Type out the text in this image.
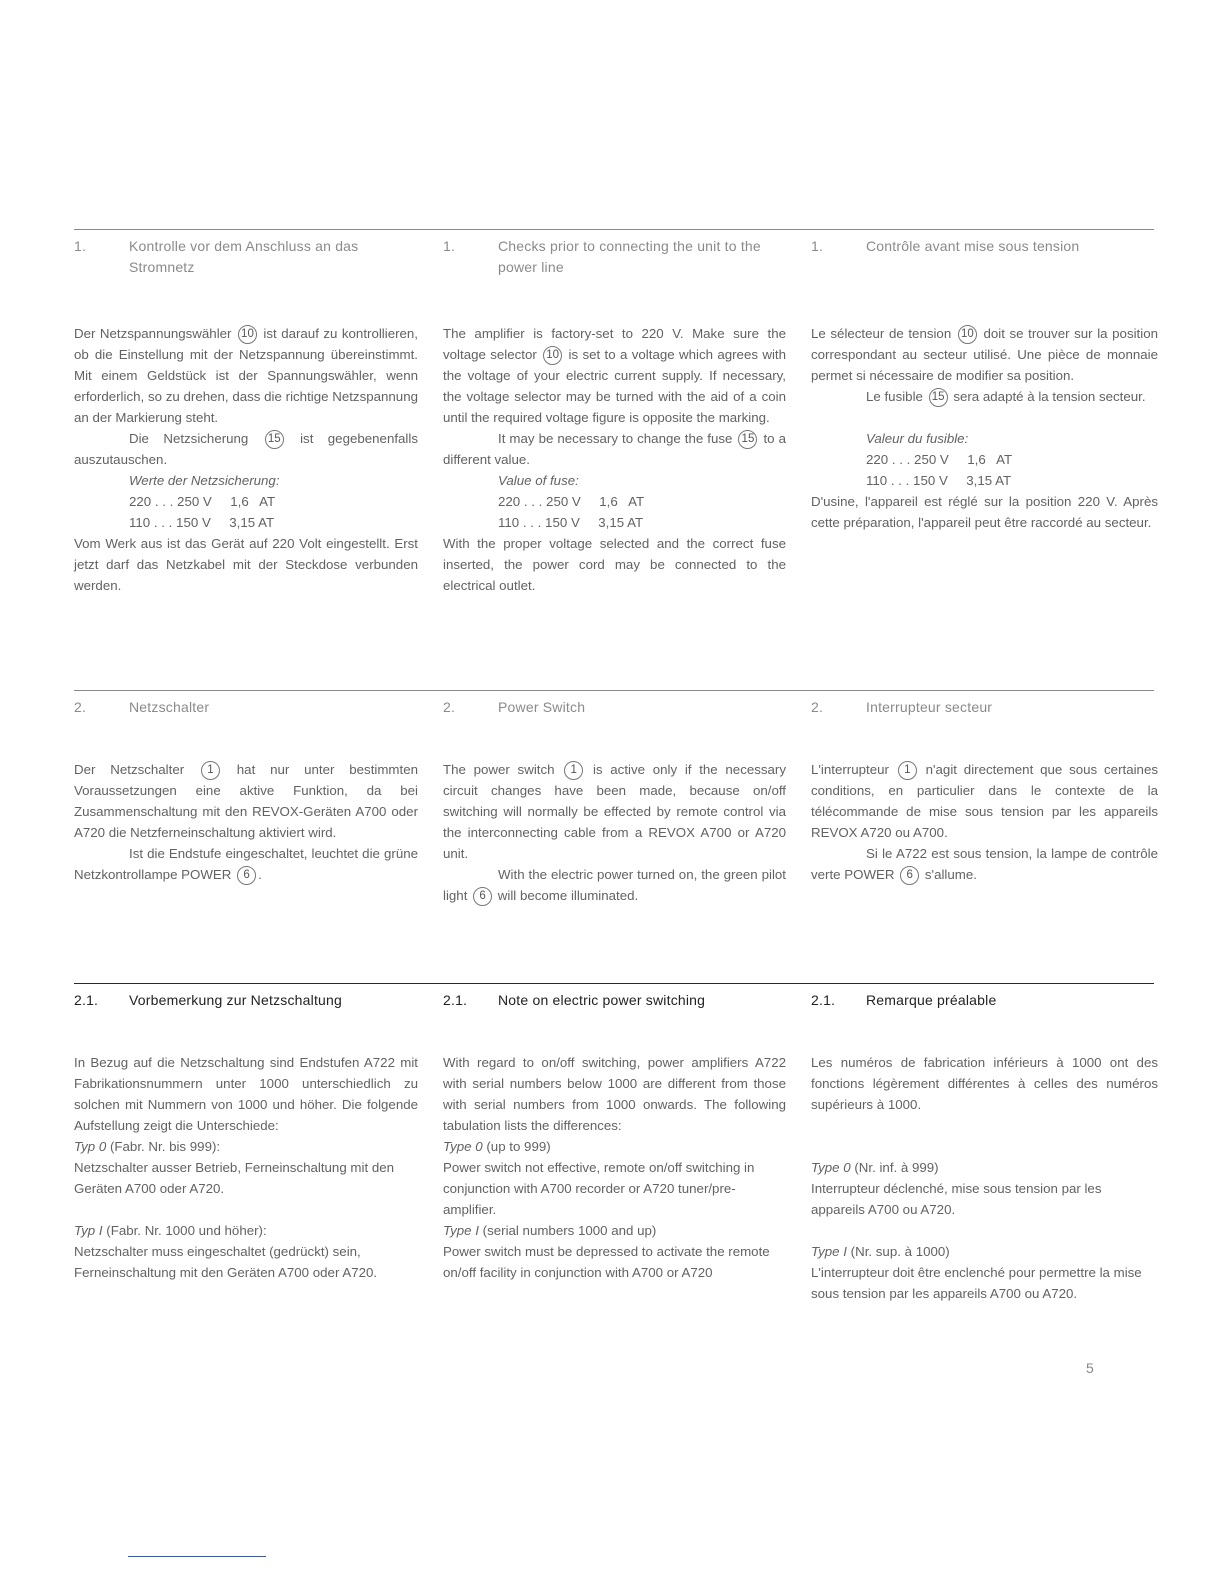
1.	Kontrolle vor dem Anschluss an das Stromnetz

Der Netzspannungswähler 10 ist darauf zu kontrollieren, ob die Einstellung mit der Netzspannung übereinstimmt. Mit einem Geldstück ist der Spannungswähler, wenn erforderlich, so zu drehen, dass die richtige Netzspannung an der Markierung steht.

Die Netzsicherung 15 ist gegebenenfalls auszutauschen.

Werte der Netzsicherung:
220 . . . 250 V     1,6   AT
110 . . . 150 V     3,15 AT

Vom Werk aus ist das Gerät auf 220 Volt eingestellt. Erst jetzt darf das Netzkabel mit der Steckdose verbunden werden.

1.	Checks prior to connecting the unit to the power line

The amplifier is factory-set to 220 V. Make sure the voltage selector 10 is set to a voltage which agrees with the voltage of your electric current supply. If necessary, the voltage selector may be turned with the aid of a coin until the required voltage figure is opposite the marking.

It may be necessary to change the fuse 15 to a different value.

Value of fuse:
220 . . . 250 V     1,6   AT
110 . . . 150 V     3,15 AT

With the proper voltage selected and the correct fuse inserted, the power cord may be connected to the electrical outlet.

1.	Contrôle avant mise sous tension

Le sélecteur de tension 10 doit se trouver sur la position correspondant au secteur utilisé. Une pièce de monnaie permet si nécessaire de modifier sa position.

Le fusible 15 sera adapté à la tension secteur.

Valeur du fusible:
220 . . . 250 V     1,6   AT
110 . . . 150 V     3,15 AT

D'usine, l'appareil est réglé sur la position 220 V. Après cette préparation, l'appareil peut être raccordé au secteur.

2.	Netzschalter

Der Netzschalter 1 hat nur unter bestimmten Voraussetzungen eine aktive Funktion, da bei Zusammenschaltung mit den REVOX-Geräten A700 oder A720 die Netzferneinschaltung aktiviert wird.

Ist die Endstufe eingeschaltet, leuchtet die grüne Netzkontrollampe POWER 6 .

2.	Power Switch

The power switch 1 is active only if the necessary circuit changes have been made, because on/off switching will normally be effected by remote control via the interconnecting cable from a REVOX A700 or A720 unit.

With the electric power turned on, the green pilot light 6 will become illuminated.

2.	Interrupteur secteur

L'interrupteur 1 n'agit directement que sous certaines conditions, en particulier dans le contexte de la télécommande de mise sous tension par les appareils REVOX A720 ou A700.

Si le A722 est sous tension, la lampe de contrôle verte POWER 6 s'allume.

2.1.	Vorbemerkung zur Netzschaltung

In Bezug auf die Netzschaltung sind Endstufen A722 mit Fabrikationsnummern unter 1000 unterschiedlich zu solchen mit Nummern von 1000 und höher. Die folgende Aufstellung zeigt die Unterschiede:

Typ 0 (Fabr. Nr. bis 999):

Netzschalter ausser Betrieb, Ferneinschaltung mit den Geräten A700 oder A720.

Typ I (Fabr. Nr. 1000 und höher):

Netzschalter muss eingeschaltet (gedrückt) sein, Ferneinschaltung mit den Geräten A700 oder A720.

2.1.	Note on electric power switching

With regard to on/off switching, power amplifiers A722 with serial numbers below 1000 are different from those with serial numbers from 1000 onwards. The following tabulation lists the differences:

Type 0 (up to 999)

Power switch not effective, remote on/off switching in conjunction with A700 recorder or A720 tuner/pre-amplifier.

Type I (serial numbers 1000 and up)

Power switch must be depressed to activate the remote on/off facility in conjunction with A700 or A720

2.1.	Remarque préalable

Les numéros de fabrication inférieurs à 1000 ont des fonctions légèrement différentes à celles des numéros supérieurs à 1000.

Type 0 (Nr. inf. à 999)

Interrupteur déclenché, mise sous tension par les appareils A700 ou A720.

Type I (Nr. sup. à 1000)

L'interrupteur doit être enclenché pour permettre la mise sous tension par les appareils A700 ou A720.

5
